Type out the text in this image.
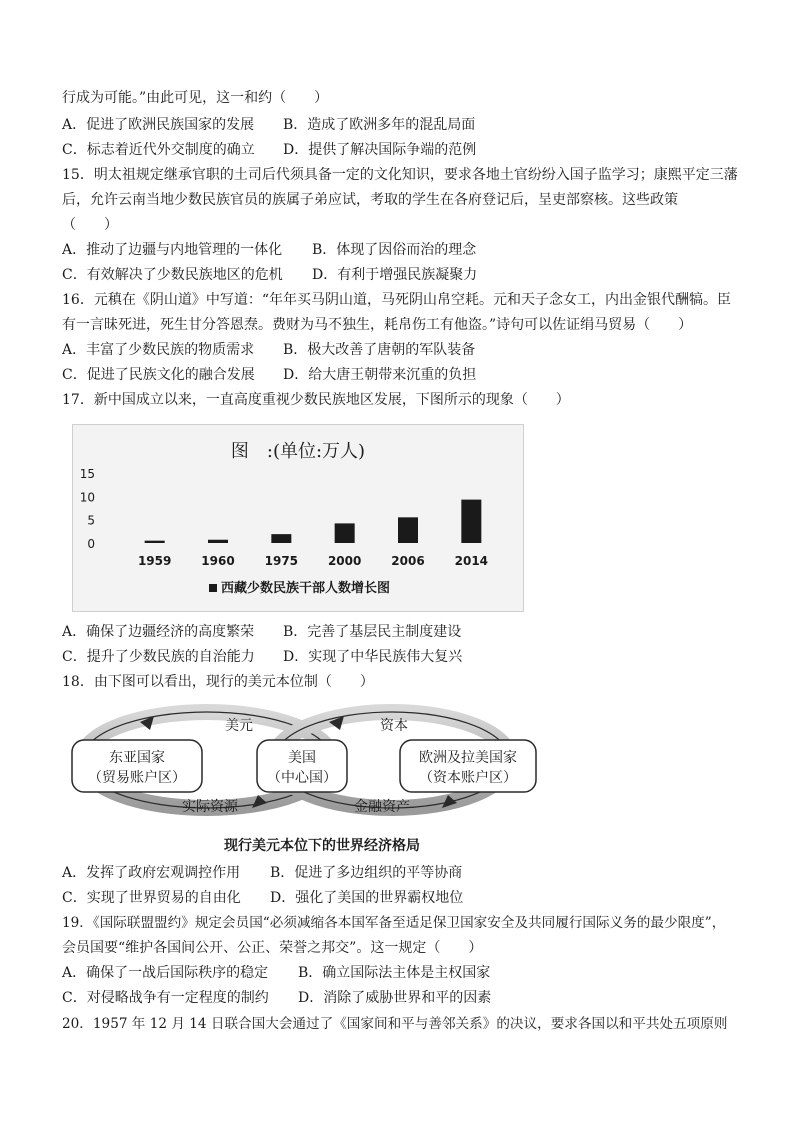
行成为可能。”由此可见，这一和约（　　）
A．促进了欧洲民族国家的发展 B．造成了欧洲多年的混乱局面
C．标志着近代外交制度的确立 D．提供了解决国际争端的范例
15．明太祖规定继承官职的土司后代须具备一定的文化知识，要求各地土官纷纷入国子监学习；康熙平定三藩
后，允许云南当地少数民族官员的族属子弟应试，考取的学生在各府登记后，呈吏部察核。这些政策
（　　）
A．推动了边疆与内地管理的一体化 B．体现了因俗而治的理念
C．有效解决了少数民族地区的危机 D．有利于增强民族凝聚力
16．元稹在《阴山道》中写道：“年年买马阴山道，马死阴山帛空耗。元和天子念女工，内出金银代酬犒。臣
有一言昧死进，死生甘分答恩焘。费财为马不独生，耗帛伤工有他盗。”诗句可以佐证绢马贸易（　　）
A．丰富了少数民族的物质需求 B．极大改善了唐朝的军队装备
C．促进了民族文化的融合发展 D．给大唐王朝带来沉重的负担
17．新中国成立以来，一直高度重视少数民族地区发展，下图所示的现象（　　）
图　:(单位:万人)
15
10
5
0
1959 1960 1975 2000 2006 2014
西藏少数民族干部人数增长图
A．确保了边疆经济的高度繁荣 B．完善了基层民主制度建设
C．提升了少数民族的自治能力 D．实现了中华民族伟大复兴
18．由下图可以看出，现行的美元本位制（　　）
美元
实际资源
资本
金融资产
东亚国家
（贸易账户区）
美国
（中心国）
欧洲及拉美国家
（资本账户区）
现行美元本位下的世界经济格局
A．发挥了政府宏观调控作用 B．促进了多边组织的平等协商
C．实现了世界贸易的自由化 D．强化了美国的世界霸权地位
19．《国际联盟盟约》规定会员国“必须减缩各本国军备至适足保卫国家安全及共同履行国际义务的最少限度”，
会员国要“维护各国间公开、公正、荣誉之邦交”。这一规定（　　）
A．确保了一战后国际秩序的稳定 B．确立国际法主体是主权国家
C．对侵略战争有一定程度的制约 D．消除了威胁世界和平的因素
20．1957 年 12 月 14 日联合国大会通过了《国家间和平与善邻关系》的决议，要求各国以和平共处五项原则
